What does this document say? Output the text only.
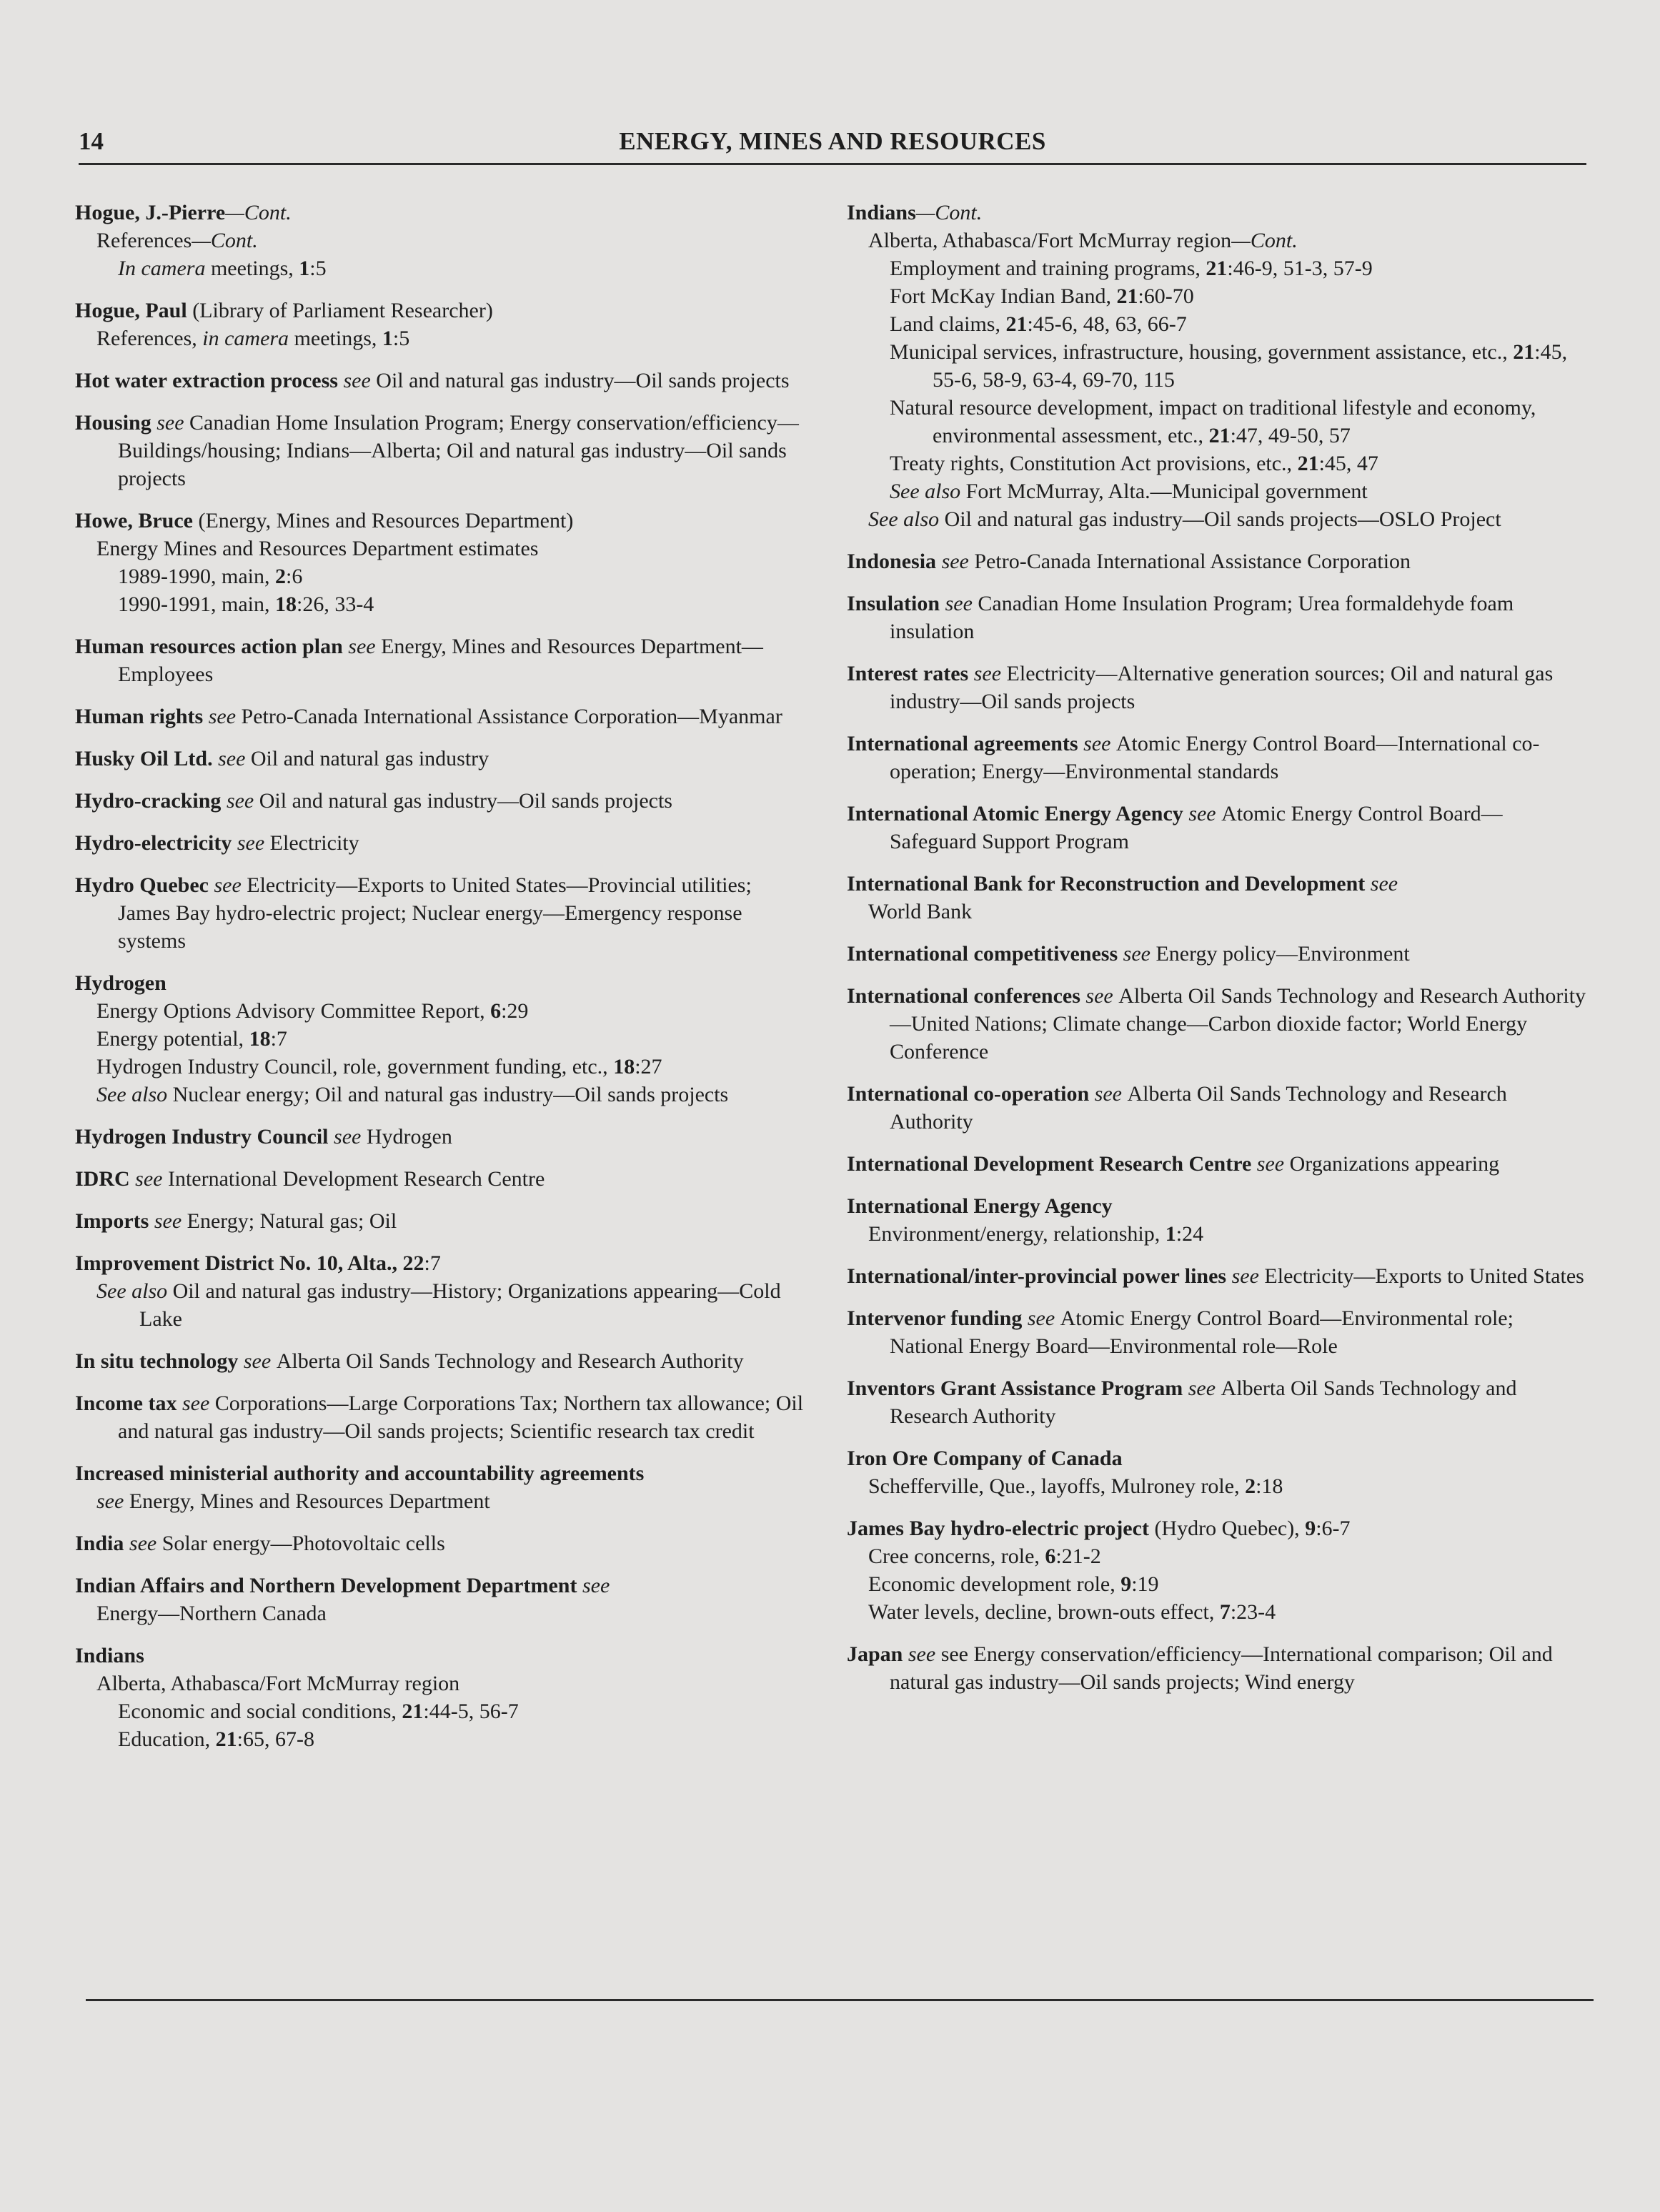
14	ENERGY, MINES AND RESOURCES
Hogue, J.-Pierre—Cont.
References—Cont.
In camera meetings, 1:5
Hogue, Paul (Library of Parliament Researcher)
References, in camera meetings, 1:5
Hot water extraction process see Oil and natural gas industry—Oil sands projects
Housing see Canadian Home Insulation Program; Energy conservation/efficiency—Buildings/housing; Indians—Alberta; Oil and natural gas industry—Oil sands projects
Howe, Bruce (Energy, Mines and Resources Department)
Energy Mines and Resources Department estimates
1989-1990, main, 2:6
1990-1991, main, 18:26, 33-4
Human resources action plan see Energy, Mines and Resources Department—Employees
Human rights see Petro-Canada International Assistance Corporation—Myanmar
Husky Oil Ltd. see Oil and natural gas industry
Hydro-cracking see Oil and natural gas industry—Oil sands projects
Hydro-electricity see Electricity
Hydro Quebec see Electricity—Exports to United States—Provincial utilities; James Bay hydro-electric project; Nuclear energy—Emergency response systems
Hydrogen
Energy Options Advisory Committee Report, 6:29
Energy potential, 18:7
Hydrogen Industry Council, role, government funding, etc., 18:27
See also Nuclear energy; Oil and natural gas industry—Oil sands projects
Hydrogen Industry Council see Hydrogen
IDRC see International Development Research Centre
Imports see Energy; Natural gas; Oil
Improvement District No. 10, Alta., 22:7
See also Oil and natural gas industry—History; Organizations appearing—Cold Lake
In situ technology see Alberta Oil Sands Technology and Research Authority
Income tax see Corporations—Large Corporations Tax; Northern tax allowance; Oil and natural gas industry—Oil sands projects; Scientific research tax credit
Increased ministerial authority and accountability agreements
see Energy, Mines and Resources Department
India see Solar energy—Photovoltaic cells
Indian Affairs and Northern Development Department see
Energy—Northern Canada
Indians
Alberta, Athabasca/Fort McMurray region
Economic and social conditions, 21:44-5, 56-7
Education, 21:65, 67-8
Indians—Cont.
Alberta, Athabasca/Fort McMurray region—Cont.
Employment and training programs, 21:46-9, 51-3, 57-9
Fort McKay Indian Band, 21:60-70
Land claims, 21:45-6, 48, 63, 66-7
Municipal services, infrastructure, housing, government assistance, etc., 21:45, 55-6, 58-9, 63-4, 69-70, 115
Natural resource development, impact on traditional lifestyle and economy, environmental assessment, etc., 21:47, 49-50, 57
Treaty rights, Constitution Act provisions, etc., 21:45, 47
See also Fort McMurray, Alta.—Municipal government
See also Oil and natural gas industry—Oil sands projects—OSLO Project
Indonesia see Petro-Canada International Assistance Corporation
Insulation see Canadian Home Insulation Program; Urea formaldehyde foam insulation
Interest rates see Electricity—Alternative generation sources; Oil and natural gas industry—Oil sands projects
International agreements see Atomic Energy Control Board—International co-operation; Energy—Environmental standards
International Atomic Energy Agency see Atomic Energy Control Board—Safeguard Support Program
International Bank for Reconstruction and Development see
World Bank
International competitiveness see Energy policy—Environment
International conferences see Alberta Oil Sands Technology and Research Authority—United Nations; Climate change—Carbon dioxide factor; World Energy Conference
International co-operation see Alberta Oil Sands Technology and Research Authority
International Development Research Centre see Organizations appearing
International Energy Agency
Environment/energy, relationship, 1:24
International/inter-provincial power lines see Electricity—Exports to United States
Intervenor funding see Atomic Energy Control Board—Environmental role; National Energy Board—Environmental role—Role
Inventors Grant Assistance Program see Alberta Oil Sands Technology and Research Authority
Iron Ore Company of Canada
Schefferville, Que., layoffs, Mulroney role, 2:18
James Bay hydro-electric project (Hydro Quebec), 9:6-7
Cree concerns, role, 6:21-2
Economic development role, 9:19
Water levels, decline, brown-outs effect, 7:23-4
Japan see see Energy conservation/efficiency—International comparison; Oil and natural gas industry—Oil sands projects; Wind energy
